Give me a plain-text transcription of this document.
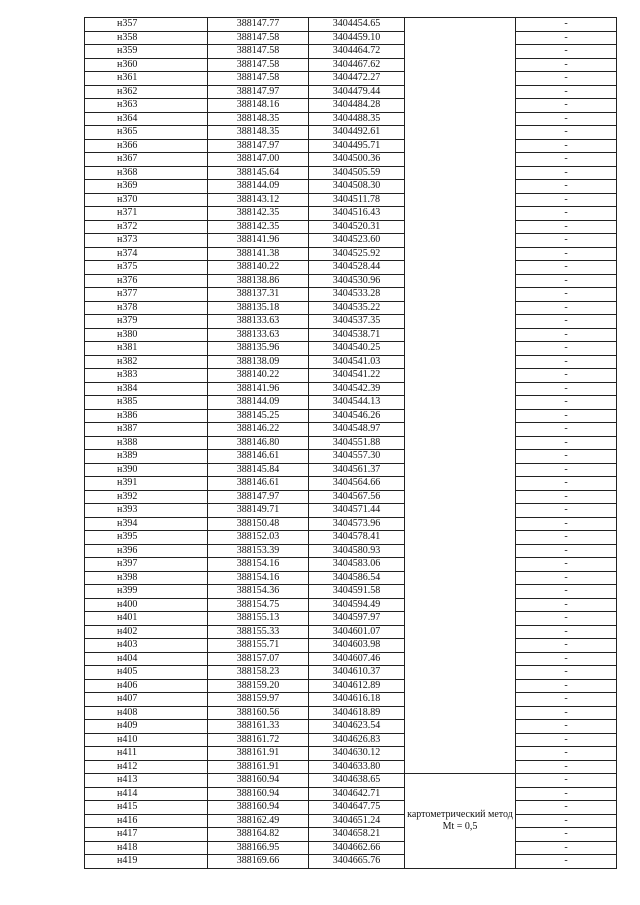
н357	388147.77	3404454.65		-
н358	388147.58	3404459.10		-
н359	388147.58	3404464.72		-
н360	388147.58	3404467.62		-
н361	388147.58	3404472.27		-
н362	388147.97	3404479.44		-
н363	388148.16	3404484.28		-
н364	388148.35	3404488.35		-
н365	388148.35	3404492.61		-
н366	388147.97	3404495.71		-
н367	388147.00	3404500.36		-
н368	388145.64	3404505.59		-
н369	388144.09	3404508.30		-
н370	388143.12	3404511.78		-
н371	388142.35	3404516.43		-
н372	388142.35	3404520.31		-
н373	388141.96	3404523.60		-
н374	388141.38	3404525.92		-
н375	388140.22	3404528.44		-
н376	388138.86	3404530.96		-
н377	388137.31	3404533.28		-
н378	388135.18	3404535.22		-
н379	388133.63	3404537.35		-
н380	388133.63	3404538.71		-
н381	388135.96	3404540.25		-
н382	388138.09	3404541.03		-
н383	388140.22	3404541.22		-
н384	388141.96	3404542.39		-
н385	388144.09	3404544.13		-
н386	388145.25	3404546.26		-
н387	388146.22	3404548.97		-
н388	388146.80	3404551.88		-
н389	388146.61	3404557.30		-
н390	388145.84	3404561.37		-
н391	388146.61	3404564.66		-
н392	388147.97	3404567.56		-
н393	388149.71	3404571.44		-
н394	388150.48	3404573.96		-
н395	388152.03	3404578.41		-
н396	388153.39	3404580.93		-
н397	388154.16	3404583.06		-
н398	388154.16	3404586.54		-
н399	388154.36	3404591.58		-
н400	388154.75	3404594.49		-
н401	388155.13	3404597.97		-
н402	388155.33	3404601.07		-
н403	388155.71	3404603.98		-
н404	388157.07	3404607.46		-
н405	388158.23	3404610.37		-
н406	388159.20	3404612.89		-
н407	388159.97	3404616.18		-
н408	388160.56	3404618.89		-
н409	388161.33	3404623.54		-
н410	388161.72	3404626.83		-
н411	388161.91	3404630.12		-
н412	388161.91	3404633.80		-
н413	388160.94	3404638.65	картометрический метод Mt = 0,5	-
н414	388160.94	3404642.71		-
н415	388160.94	3404647.75		-
н416	388162.49	3404651.24		-
н417	388164.82	3404658.21		-
н418	388166.95	3404662.66		-
н419	388169.66	3404665.76		-
